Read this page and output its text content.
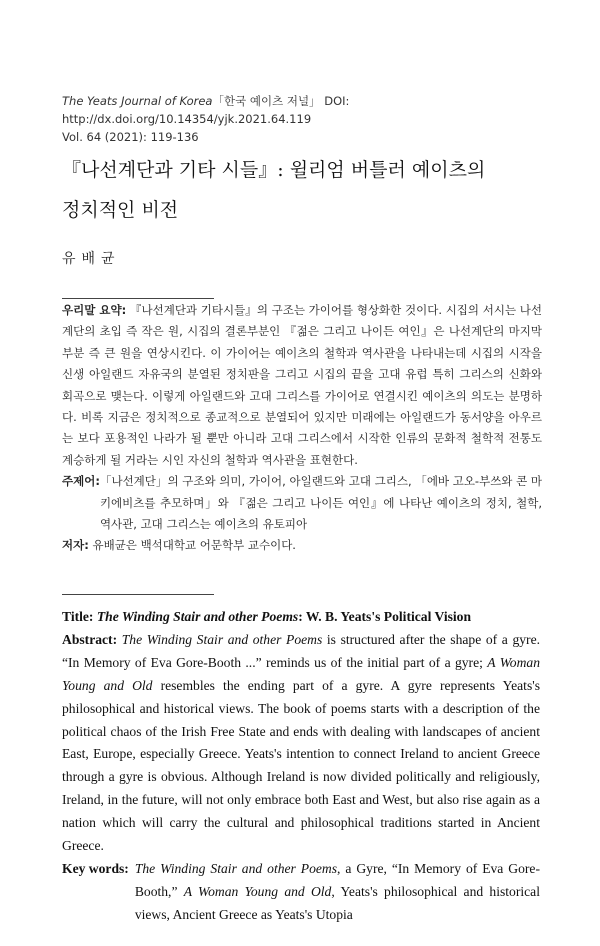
The Yeats Journal of Korea「한국 예이츠 저널」 DOI: http://dx.doi.org/10.14354/yjk.2021.64.119
Vol. 64 (2021): 119-136
『나선계단과 기타 시들』: 윌리엄 버틀러 예이츠의
정치적인 비전
유배균

우리말 요약: 『나선계단과 기타시들』의 구조는 가이어를 형상화한 것이다. 시집의 서시는 나선계단의 초입 즉 작은 원, 시집의 결론부분인 『젊은 그리고 나이든 여인』은 나선계단의 마지막 부분 즉 큰 원을 연상시킨다. 이 가이어는 예이츠의 철학과 역사관을 나타내는데 시집의 시작을 신생 아일랜드 자유국의 분열된 정치판을 그리고 시집의 끝을 고대 유럽 특히 그리스의 신화와 회곡으로 맺는다. 이렇게 아일랜드와 고대 그리스를 가이어로 연결시킨 예이츠의 의도는 분명하다. 비록 지금은 정치적으로 종교적으로 분열되어 있지만 미래에는 아일랜드가 동서양을 아우르는 보다 포용적인 나라가 될 뿐만 아니라 고대 그리스에서 시작한 인류의 문화적 철학적 전통도 계승하게 될 거라는 시인 자신의 철학과 역사관을 표현한다.

주제어: 「나선계단」의 구조와 의미, 가이어, 아일랜드와 고대 그리스, 「에바 고오-부쓰와 콘 마키에비츠를 추모하며」와 『젊은 그리고 나이든 여인』에 나타난 예이츠의 정치, 철학, 역사관, 고대 그리스는 예이츠의 유토피아

저자: 유배균은 백석대학교 어문학부 교수이다.

Title: The Winding Stair and other Poems: W. B. Yeats's Political Vision

Abstract: The Winding Stair and other Poems is structured after the shape of a gyre. “In Memory of Eva Gore-Booth ...” reminds us of the initial part of a gyre; A Woman Young and Old resembles the ending part of a gyre. A gyre represents Yeats's philosophical and historical views. The book of poems starts with a description of the political chaos of the Irish Free State and ends with dealing with landscapes of ancient East, Europe, especially Greece. Yeats's intention to connect Ireland to ancient Greece through a gyre is obvious. Although Ireland is now divided politically and religiously, Ireland, in the future, will not only embrace both East and West, but also rise again as a nation which will carry the cultural and philosophical traditions started in Ancient Greece.

Key words: The Winding Stair and other Poems, a Gyre, “In Memory of Eva Gore-Booth,” A Woman Young and Old, Yeats's philosophical and historical views, Ancient Greece as Yeats's Utopia
